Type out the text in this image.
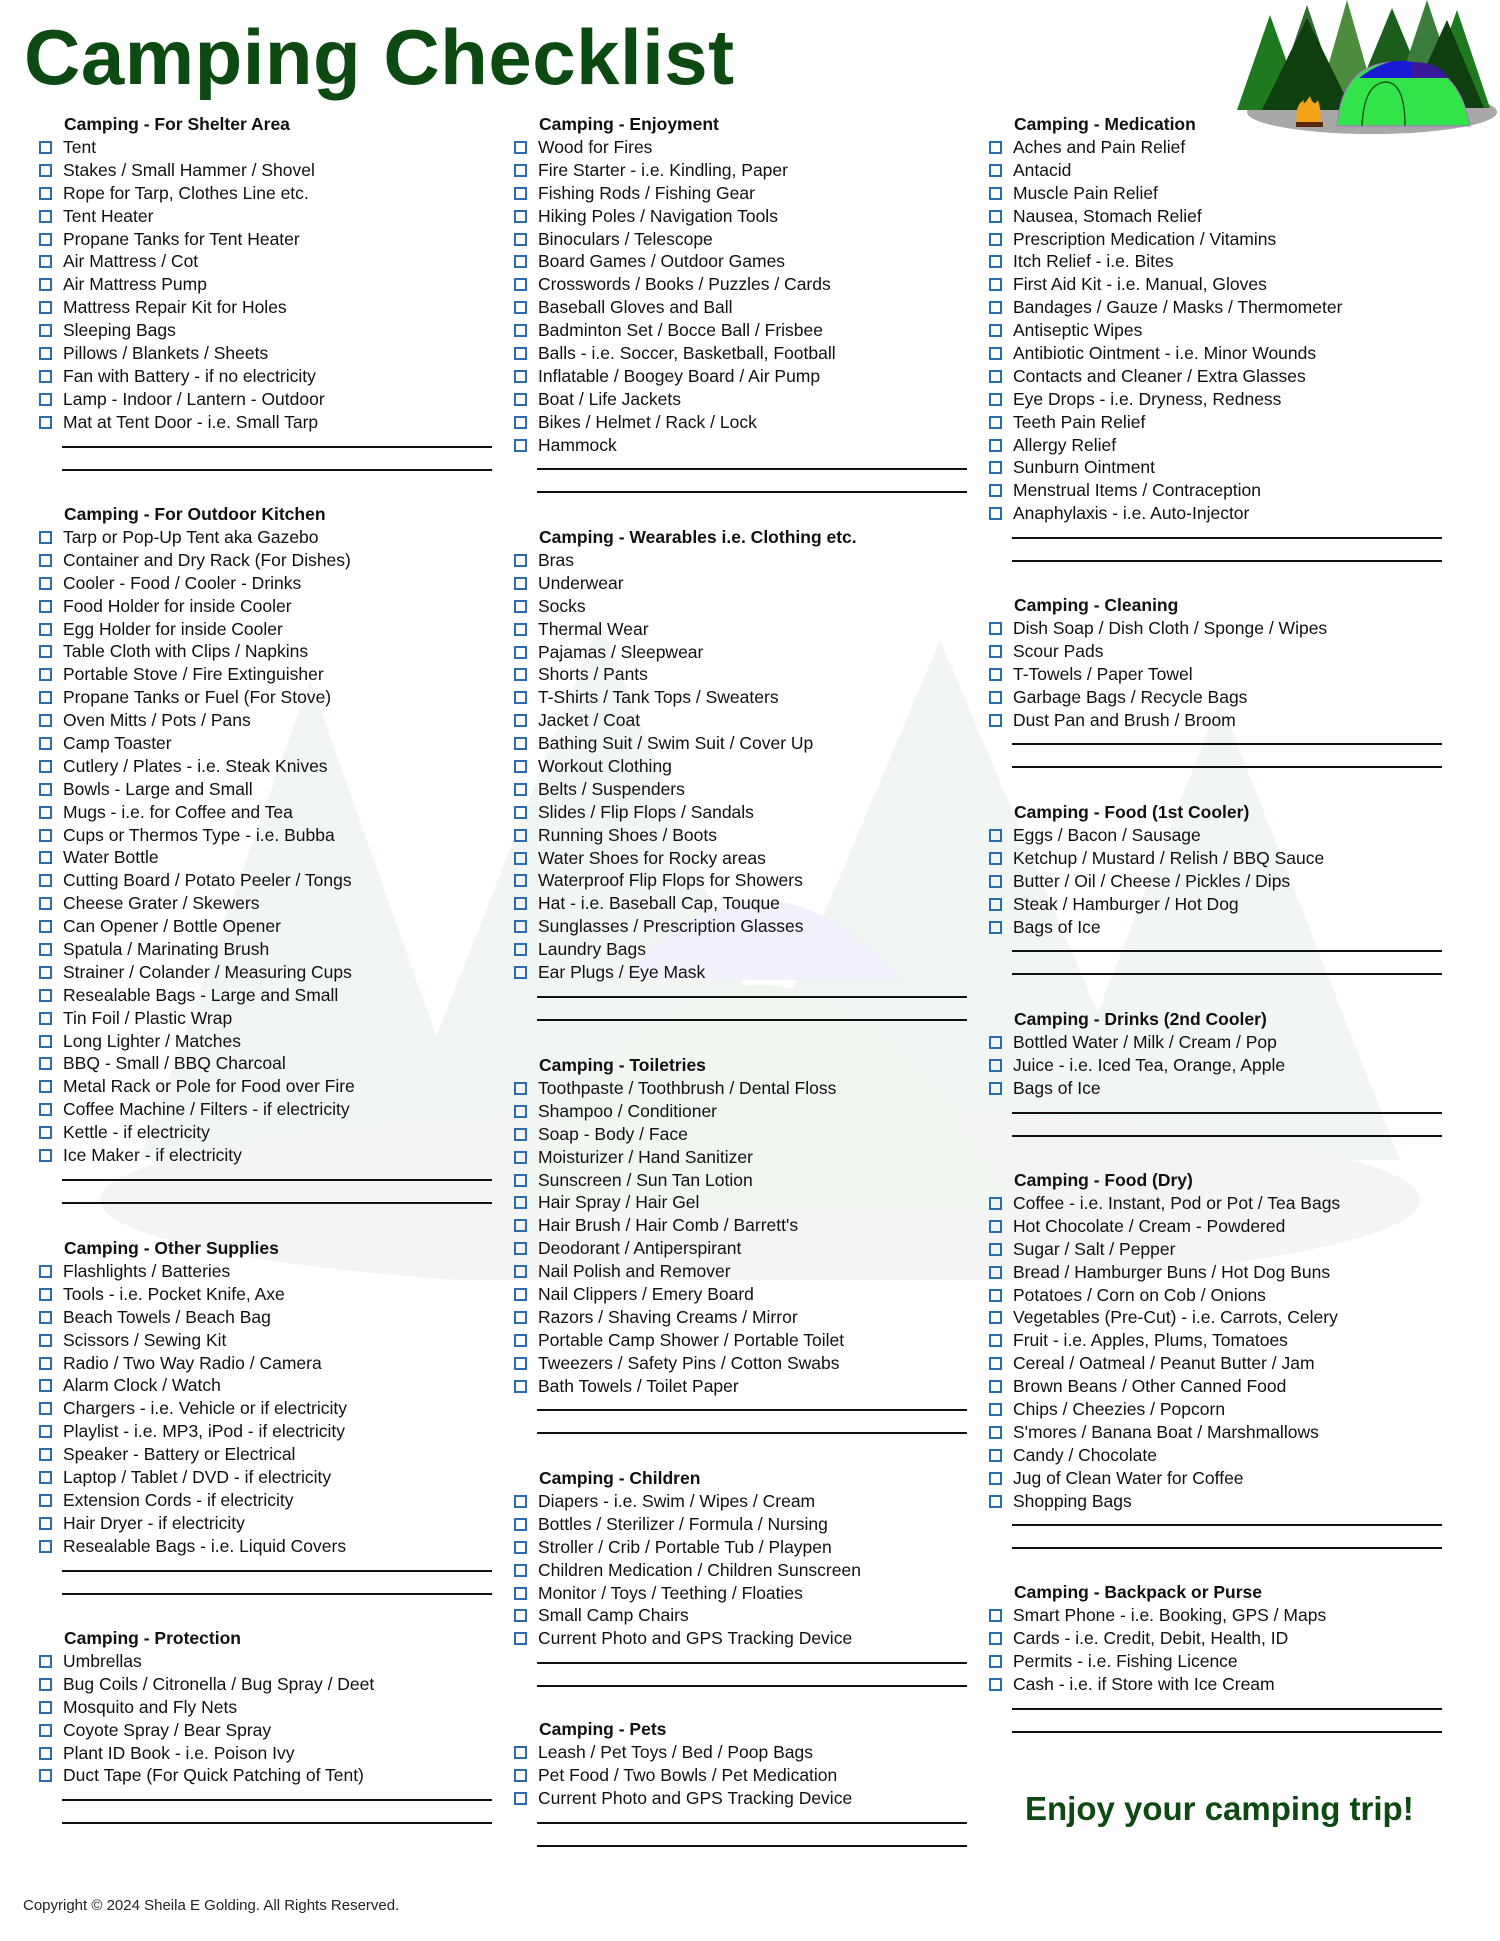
Camping Checklist
Camping - For Shelter Area
Tent
Stakes / Small Hammer / Shovel
Rope for Tarp, Clothes Line etc.
Tent Heater
Propane Tanks for Tent Heater
Air Mattress / Cot
Air Mattress Pump
Mattress Repair Kit for Holes
Sleeping Bags
Pillows / Blankets / Sheets
Fan with Battery - if no electricity
Lamp - Indoor / Lantern - Outdoor
Mat at Tent Door - i.e. Small Tarp
Camping - For Outdoor Kitchen
Tarp or Pop-Up Tent aka Gazebo
Container and Dry Rack (For Dishes)
Cooler - Food / Cooler - Drinks
Food Holder for inside Cooler
Egg Holder for inside Cooler
Table Cloth with Clips / Napkins
Portable Stove / Fire Extinguisher
Propane Tanks or Fuel (For Stove)
Oven Mitts / Pots / Pans
Camp Toaster
Cutlery / Plates - i.e. Steak Knives
Bowls - Large and Small
Mugs - i.e. for Coffee and Tea
Cups or Thermos Type - i.e. Bubba
Water Bottle
Cutting Board / Potato Peeler / Tongs
Cheese Grater / Skewers
Can Opener / Bottle Opener
Spatula / Marinating Brush
Strainer / Colander / Measuring Cups
Resealable Bags - Large and Small
Tin Foil / Plastic Wrap
Long Lighter / Matches
BBQ - Small / BBQ Charcoal
Metal Rack or Pole for Food over Fire
Coffee Machine / Filters - if electricity
Kettle - if electricity
Ice Maker - if electricity
Camping - Other Supplies
Flashlights / Batteries
Tools - i.e. Pocket Knife, Axe
Beach Towels / Beach Bag
Scissors / Sewing Kit
Radio / Two Way Radio / Camera
Alarm Clock / Watch
Chargers - i.e. Vehicle or if electricity
Playlist - i.e. MP3, iPod - if electricity
Speaker - Battery or Electrical
Laptop / Tablet / DVD - if electricity
Extension Cords - if electricity
Hair Dryer - if electricity
Resealable Bags - i.e. Liquid Covers
Camping - Protection
Umbrellas
Bug Coils / Citronella / Bug Spray / Deet
Mosquito and Fly Nets
Coyote Spray / Bear Spray
Plant ID Book - i.e. Poison Ivy
Duct Tape (For Quick Patching of Tent)
Camping - Enjoyment
Wood for Fires
Fire Starter - i.e. Kindling, Paper
Fishing Rods / Fishing Gear
Hiking Poles / Navigation Tools
Binoculars / Telescope
Board Games / Outdoor Games
Crosswords / Books / Puzzles / Cards
Baseball Gloves and Ball
Badminton Set / Bocce Ball / Frisbee
Balls - i.e. Soccer, Basketball, Football
Inflatable / Boogey Board / Air Pump
Boat / Life Jackets
Bikes / Helmet / Rack / Lock
Hammock
Camping - Wearables i.e. Clothing etc.
Bras
Underwear
Socks
Thermal Wear
Pajamas / Sleepwear
Shorts / Pants
T-Shirts / Tank Tops / Sweaters
Jacket / Coat
Bathing Suit / Swim Suit / Cover Up
Workout Clothing
Belts / Suspenders
Slides / Flip Flops / Sandals
Running Shoes / Boots
Water Shoes for Rocky areas
Waterproof Flip Flops for Showers
Hat - i.e. Baseball Cap, Touque
Sunglasses / Prescription Glasses
Laundry Bags
Ear Plugs / Eye Mask
Camping - Toiletries
Toothpaste / Toothbrush / Dental Floss
Shampoo / Conditioner
Soap - Body / Face
Moisturizer / Hand Sanitizer
Sunscreen / Sun Tan Lotion
Hair Spray / Hair Gel
Hair Brush / Hair Comb / Barrett's
Deodorant / Antiperspirant
Nail Polish and Remover
Nail Clippers / Emery Board
Razors / Shaving Creams / Mirror
Portable Camp Shower / Portable Toilet
Tweezers / Safety Pins / Cotton Swabs
Bath Towels / Toilet Paper
Camping - Children
Diapers - i.e. Swim / Wipes / Cream
Bottles / Sterilizer / Formula / Nursing
Stroller / Crib / Portable Tub / Playpen
Children Medication / Children Sunscreen
Monitor / Toys / Teething / Floaties
Small Camp Chairs
Current Photo and GPS Tracking Device
Camping - Pets
Leash / Pet Toys / Bed / Poop Bags
Pet Food / Two Bowls / Pet Medication
Current Photo and GPS Tracking Device
Camping - Medication
Aches and Pain Relief
Antacid
Muscle Pain Relief
Nausea, Stomach Relief
Prescription Medication / Vitamins
Itch Relief - i.e. Bites
First Aid Kit - i.e. Manual, Gloves
Bandages / Gauze / Masks / Thermometer
Antiseptic Wipes
Antibiotic Ointment - i.e. Minor Wounds
Contacts and Cleaner / Extra Glasses
Eye Drops - i.e. Dryness, Redness
Teeth Pain Relief
Allergy Relief
Sunburn Ointment
Menstrual Items / Contraception
Anaphylaxis - i.e. Auto-Injector
Camping - Cleaning
Dish Soap / Dish Cloth / Sponge / Wipes
Scour Pads
T-Towels / Paper Towel
Garbage Bags / Recycle Bags
Dust Pan and Brush / Broom
Camping - Food (1st Cooler)
Eggs / Bacon / Sausage
Ketchup / Mustard / Relish / BBQ Sauce
Butter / Oil / Cheese / Pickles / Dips
Steak / Hamburger / Hot Dog
Bags of Ice
Camping - Drinks (2nd Cooler)
Bottled Water / Milk / Cream / Pop
Juice - i.e. Iced Tea, Orange, Apple
Bags of Ice
Camping - Food (Dry)
Coffee - i.e. Instant, Pod or Pot / Tea Bags
Hot Chocolate / Cream - Powdered
Sugar / Salt / Pepper
Bread / Hamburger Buns / Hot Dog Buns
Potatoes / Corn on Cob / Onions
Vegetables (Pre-Cut) - i.e. Carrots, Celery
Fruit - i.e. Apples, Plums, Tomatoes
Cereal / Oatmeal / Peanut Butter / Jam
Brown Beans / Other Canned Food
Chips / Cheezies / Popcorn
S'mores / Banana Boat / Marshmallows
Candy / Chocolate
Jug of Clean Water for Coffee
Shopping Bags
Camping - Backpack or Purse
Smart Phone - i.e. Booking, GPS / Maps
Cards - i.e. Credit, Debit, Health, ID
Permits - i.e. Fishing Licence
Cash - i.e. if Store with Ice Cream
Enjoy your camping trip!
Copyright © 2024 Sheila E Golding. All Rights Reserved.
